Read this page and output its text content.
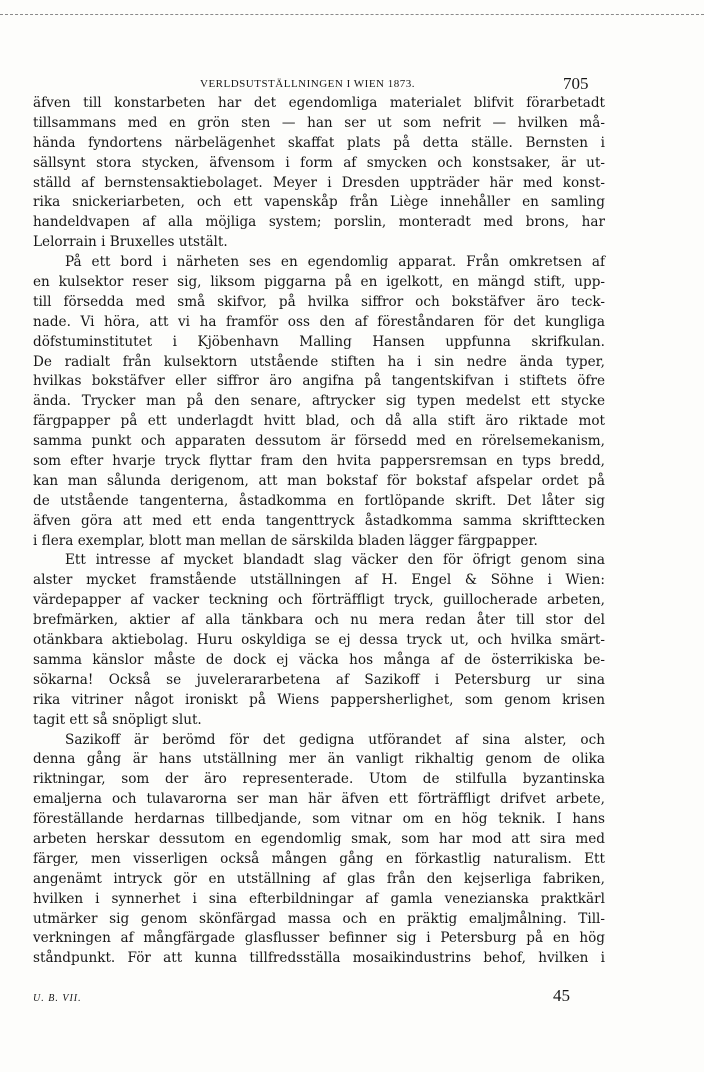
VERLDSUTSTÄLLNINGEN I WIEN 1873.	705
äfven till konstarbeten har det egendomliga materialet blifvit förarbetadt
tillsammans med en grön sten — han ser ut som nefrit — hvilken må-
hända fyndortens närbelägenhet skaffat plats på detta ställe. Bernsten i
sällsynt stora stycken, äfvensom i form af smycken och konstsaker, är ut-
ställd af bernstensaktiebolaget. Meyer i Dresden uppträder här med konst-
rika snickeriarbeten, och ett vapenskåp från Liège innehåller en samling
handeldvapen af alla möjliga system; porslin, monteradt med brons, har
Lelorrain i Bruxelles utstält.
På ett bord i närheten ses en egendomlig apparat. Från omkretsen af
en kulsektor reser sig, liksom piggarna på en igelkott, en mängd stift, upp-
till försedda med små skifvor, på hvilka siffror och bokstäfver äro teck-
nade. Vi höra, att vi ha framför oss den af föreståndaren för det kungliga
döfstuminstitutet i Kjöbenhavn Malling Hansen uppfunna skrifkulan.
De radialt från kulsektorn utstående stiften ha i sin nedre ända typer,
hvilkas bokstäfver eller siffror äro angifna på tangentskifvan i stiftets öfre
ända. Trycker man på den senare, aftrycker sig typen medelst ett stycke
färgpapper på ett underlagdt hvitt blad, och då alla stift äro riktade mot
samma punkt och apparaten dessutom är försedd med en rörelsemekanism,
som efter hvarje tryck flyttar fram den hvita pappersremsan en typs bredd,
kan man sålunda derigenom, att man bokstaf för bokstaf afspelar ordet på
de utstående tangenterna, åstadkomma en fortlöpande skrift. Det låter sig
äfven göra att med ett enda tangenttryck åstadkomma samma skrifttecken
i flera exemplar, blott man mellan de särskilda bladen lägger färgpapper.
Ett intresse af mycket blandadt slag väcker den för öfrigt genom sina
alster mycket framstående utställningen af H. Engel & Söhne i Wien:
värdepapper af vacker teckning och förträffligt tryck, guillocherade arbeten,
brefmärken, aktier af alla tänkbara och nu mera redan åter till stor del
otänkbara aktiebolag. Huru oskyldiga se ej dessa tryck ut, och hvilka smärt-
samma känslor måste de dock ej väcka hos många af de österrikiska be-
sökarna! Också se juvelerararbetena af Sazikoff i Petersburg ur sina
rika vitriner något ironiskt på Wiens pappersherlighet, som genom krisen
tagit ett så snöpligt slut.
Sazikoff är berömd för det gedigna utförandet af sina alster, och
denna gång är hans utställning mer än vanligt rikhaltig genom de olika
riktningar, som der äro representerade. Utom de stilfulla byzantinska
emaljerna och tulavarorna ser man här äfven ett förträffligt drifvet arbete,
föreställande herdarnas tillbedjande, som vitnar om en hög teknik. I hans
arbeten herskar dessutom en egendomlig smak, som har mod att sira med
färger, men visserligen också mången gång en förkastlig naturalism. Ett
angenämt intryck gör en utställning af glas från den kejserliga fabriken,
hvilken i synnerhet i sina efterbildningar af gamla venezianska praktkärl
utmärker sig genom skönfärgad massa och en präktig emaljmålning. Till-
verkningen af mångfärgade glasflusser befinner sig i Petersburg på en hög
ståndpunkt. För att kunna tillfredsställa mosaikindustrins behof, hvilken i
U. B. VII.	45
